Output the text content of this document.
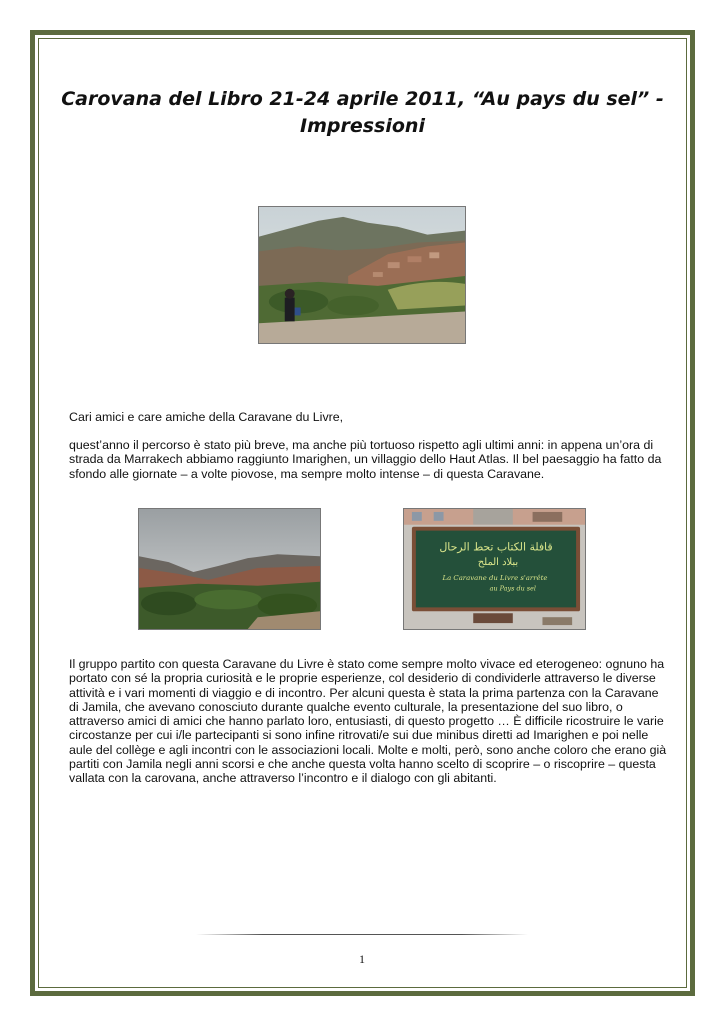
Carovana del Libro 21-24 aprile 2011, “Au pays du sel” - Impressioni

Cari amici e care amiche della Caravane du Livre,

quest’anno il percorso è stato più breve, ma anche più tortuoso rispetto agli ultimi anni: in appena un’ora di strada da Marrakech abbiamo raggiunto Imarighen, un villaggio dello Haut Atlas. Il bel paesaggio ha fatto da sfondo alle giornate – a volte piovose, ma sempre molto intense – di questa Caravane.

قافلة الكتاب تحط الرحال
ببلاد الملح
La Caravane du Livre s'arrête
au Pays du sel

Il gruppo partito con questa Caravane du Livre è stato come sempre molto vivace ed eterogeneo: ognuno ha portato con sé la propria curiosità e le proprie esperienze, col desiderio di condividerle attraverso le diverse attività e i vari momenti di viaggio e di incontro. Per alcuni questa è stata la prima partenza con la Caravane di Jamila, che avevano conosciuto durante qualche evento culturale, la presentazione del suo libro, o attraverso amici di amici che hanno parlato loro, entusiasti, di questo progetto … È difficile ricostruire le varie circostanze per cui i/le partecipanti si sono infine ritrovati/e sui due minibus diretti ad Imarighen e poi nelle aule del collège e agli incontri con le associazioni locali. Molte e molti, però, sono anche coloro che erano già partiti con Jamila negli anni scorsi e che anche questa volta hanno scelto di scoprire – o riscoprire – questa vallata con la carovana, anche attraverso l’incontro e il dialogo con gli abitanti.

1
